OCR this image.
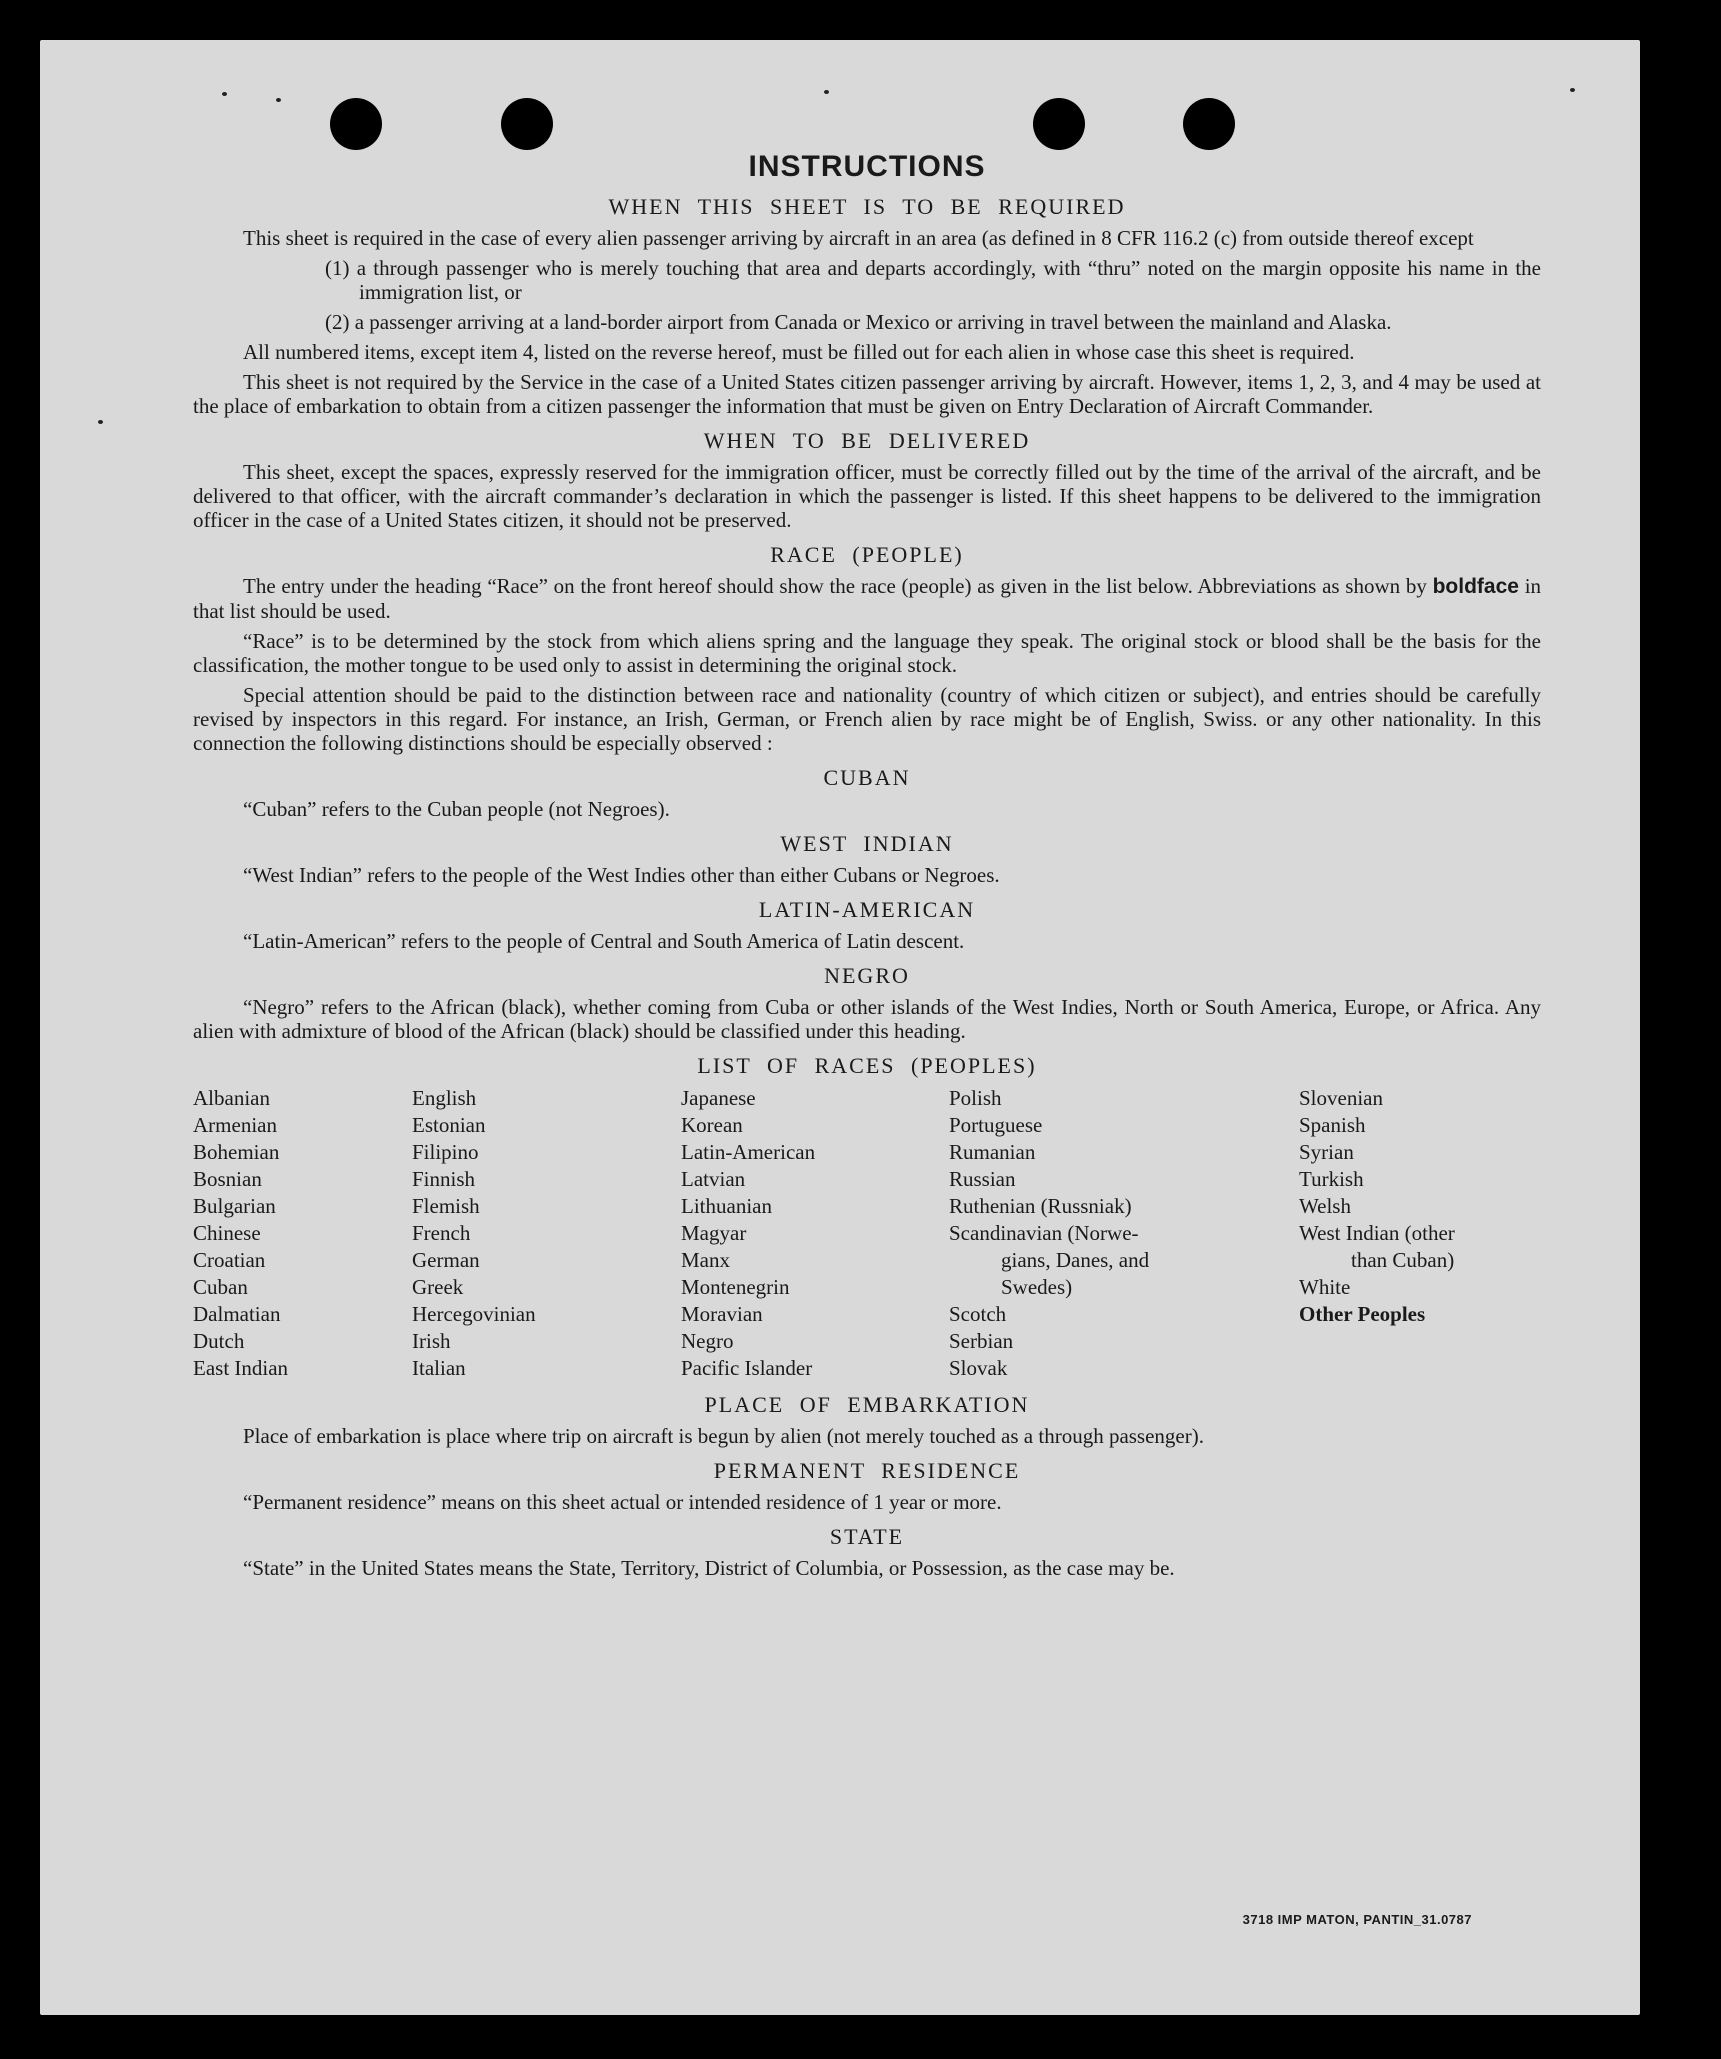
INSTRUCTIONS
WHEN THIS SHEET IS TO BE REQUIRED

This sheet is required in the case of every alien passenger arriving by aircraft in an area (as defined in 8 CFR 116.2 (c) from outside thereof except

(1) a through passenger who is merely touching that area and departs accordingly, with “thru” noted on the margin opposite his name in the immigration list, or
(2) a passenger arriving at a land-border airport from Canada or Mexico or arriving in travel between the mainland and Alaska.

All numbered items, except item 4, listed on the reverse hereof, must be filled out for each alien in whose case this sheet is required.

This sheet is not required by the Service in the case of a United States citizen passenger arriving by aircraft. However, items 1, 2, 3, and 4 may be used at the place of embarkation to obtain from a citizen passenger the information that must be given on Entry Declaration of Aircraft Commander.

WHEN TO BE DELIVERED

This sheet, except the spaces, expressly reserved for the immigration officer, must be correctly filled out by the time of the arrival of the aircraft, and be delivered to that officer, with the aircraft commander’s declaration in which the passenger is listed. If this sheet happens to be delivered to the immigration officer in the case of a United States citizen, it should not be preserved.

RACE (PEOPLE)

The entry under the heading “Race” on the front hereof should show the race (people) as given in the list below. Abbreviations as shown by boldface in that list should be used.

“Race” is to be determined by the stock from which aliens spring and the language they speak. The original stock or blood shall be the basis for the classification, the mother tongue to be used only to assist in determining the original stock.

Special attention should be paid to the distinction between race and nationality (country of which citizen or subject), and entries should be carefully revised by inspectors in this regard. For instance, an Irish, German, or French alien by race might be of English, Swiss. or any other nationality. In this connection the following distinctions should be especially observed :

CUBAN

“Cuban” refers to the Cuban people (not Negroes).

WEST INDIAN

“West Indian” refers to the people of the West Indies other than either Cubans or Negroes.

LATIN-AMERICAN

“Latin-American” refers to the people of Central and South America of Latin descent.

NEGRO

“Negro” refers to the African (black), whether coming from Cuba or other islands of the West Indies, North or South America, Europe, or Africa. Any alien with admixture of blood of the African (black) should be classified under this heading.

LIST OF RACES (PEOPLES)
Albanian
Armenian
Bohemian
Bosnian
Bulgarian
Chinese
Croatian
Cuban
Dalmatian
Dutch
East Indian
English
Estonian
Filipino
Finnish
Flemish
French
German
Greek
Hercegovinian
Irish
Italian
Japanese
Korean
Latin-American
Latvian
Lithuanian
Magyar
Manx
Montenegrin
Moravian
Negro
Pacific Islander
Polish
Portuguese
Rumanian
Russian
Ruthenian (Russniak)
Scandinavian (Norwe-
gians, Danes, and
Swedes)
Scotch
Serbian
Slovak
Slovenian
Spanish
Syrian
Turkish
Welsh
West Indian (other
than Cuban)
White
Other Peoples
PLACE OF EMBARKATION

Place of embarkation is place where trip on aircraft is begun by alien (not merely touched as a through passenger).

PERMANENT RESIDENCE

“Permanent residence” means on this sheet actual or intended residence of 1 year or more.

STATE

“State” in the United States means the State, Territory, District of Columbia, or Possession, as the case may be.

3718 IMP MATON, PANTIN_31.0787
